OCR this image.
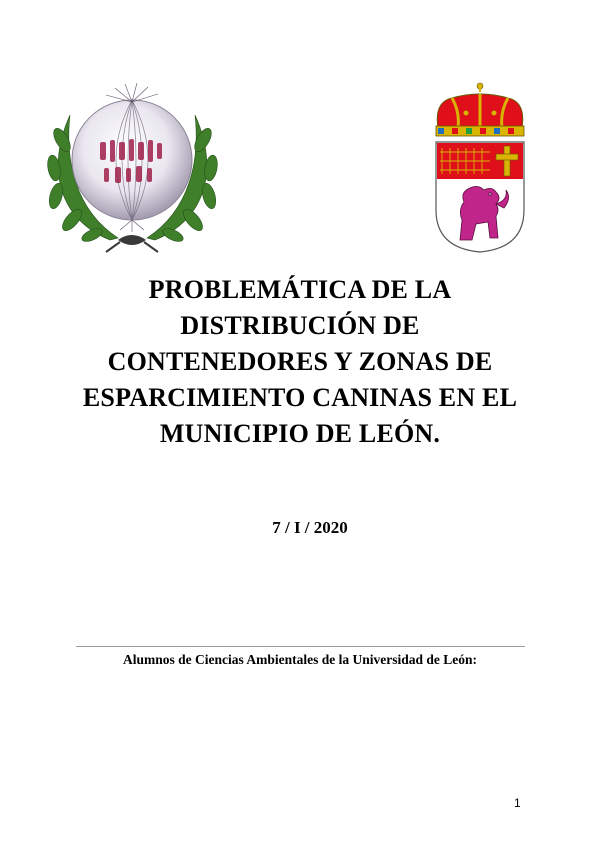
PROBLEMÁTICA DE LA
DISTRIBUCIÓN DE
CONTENEDORES Y ZONAS DE
ESPARCIMIENTO CANINAS EN EL
MUNICIPIO DE LEÓN.
7 / I / 2020
Alumnos de Ciencias Ambientales de la Universidad de León:
1
